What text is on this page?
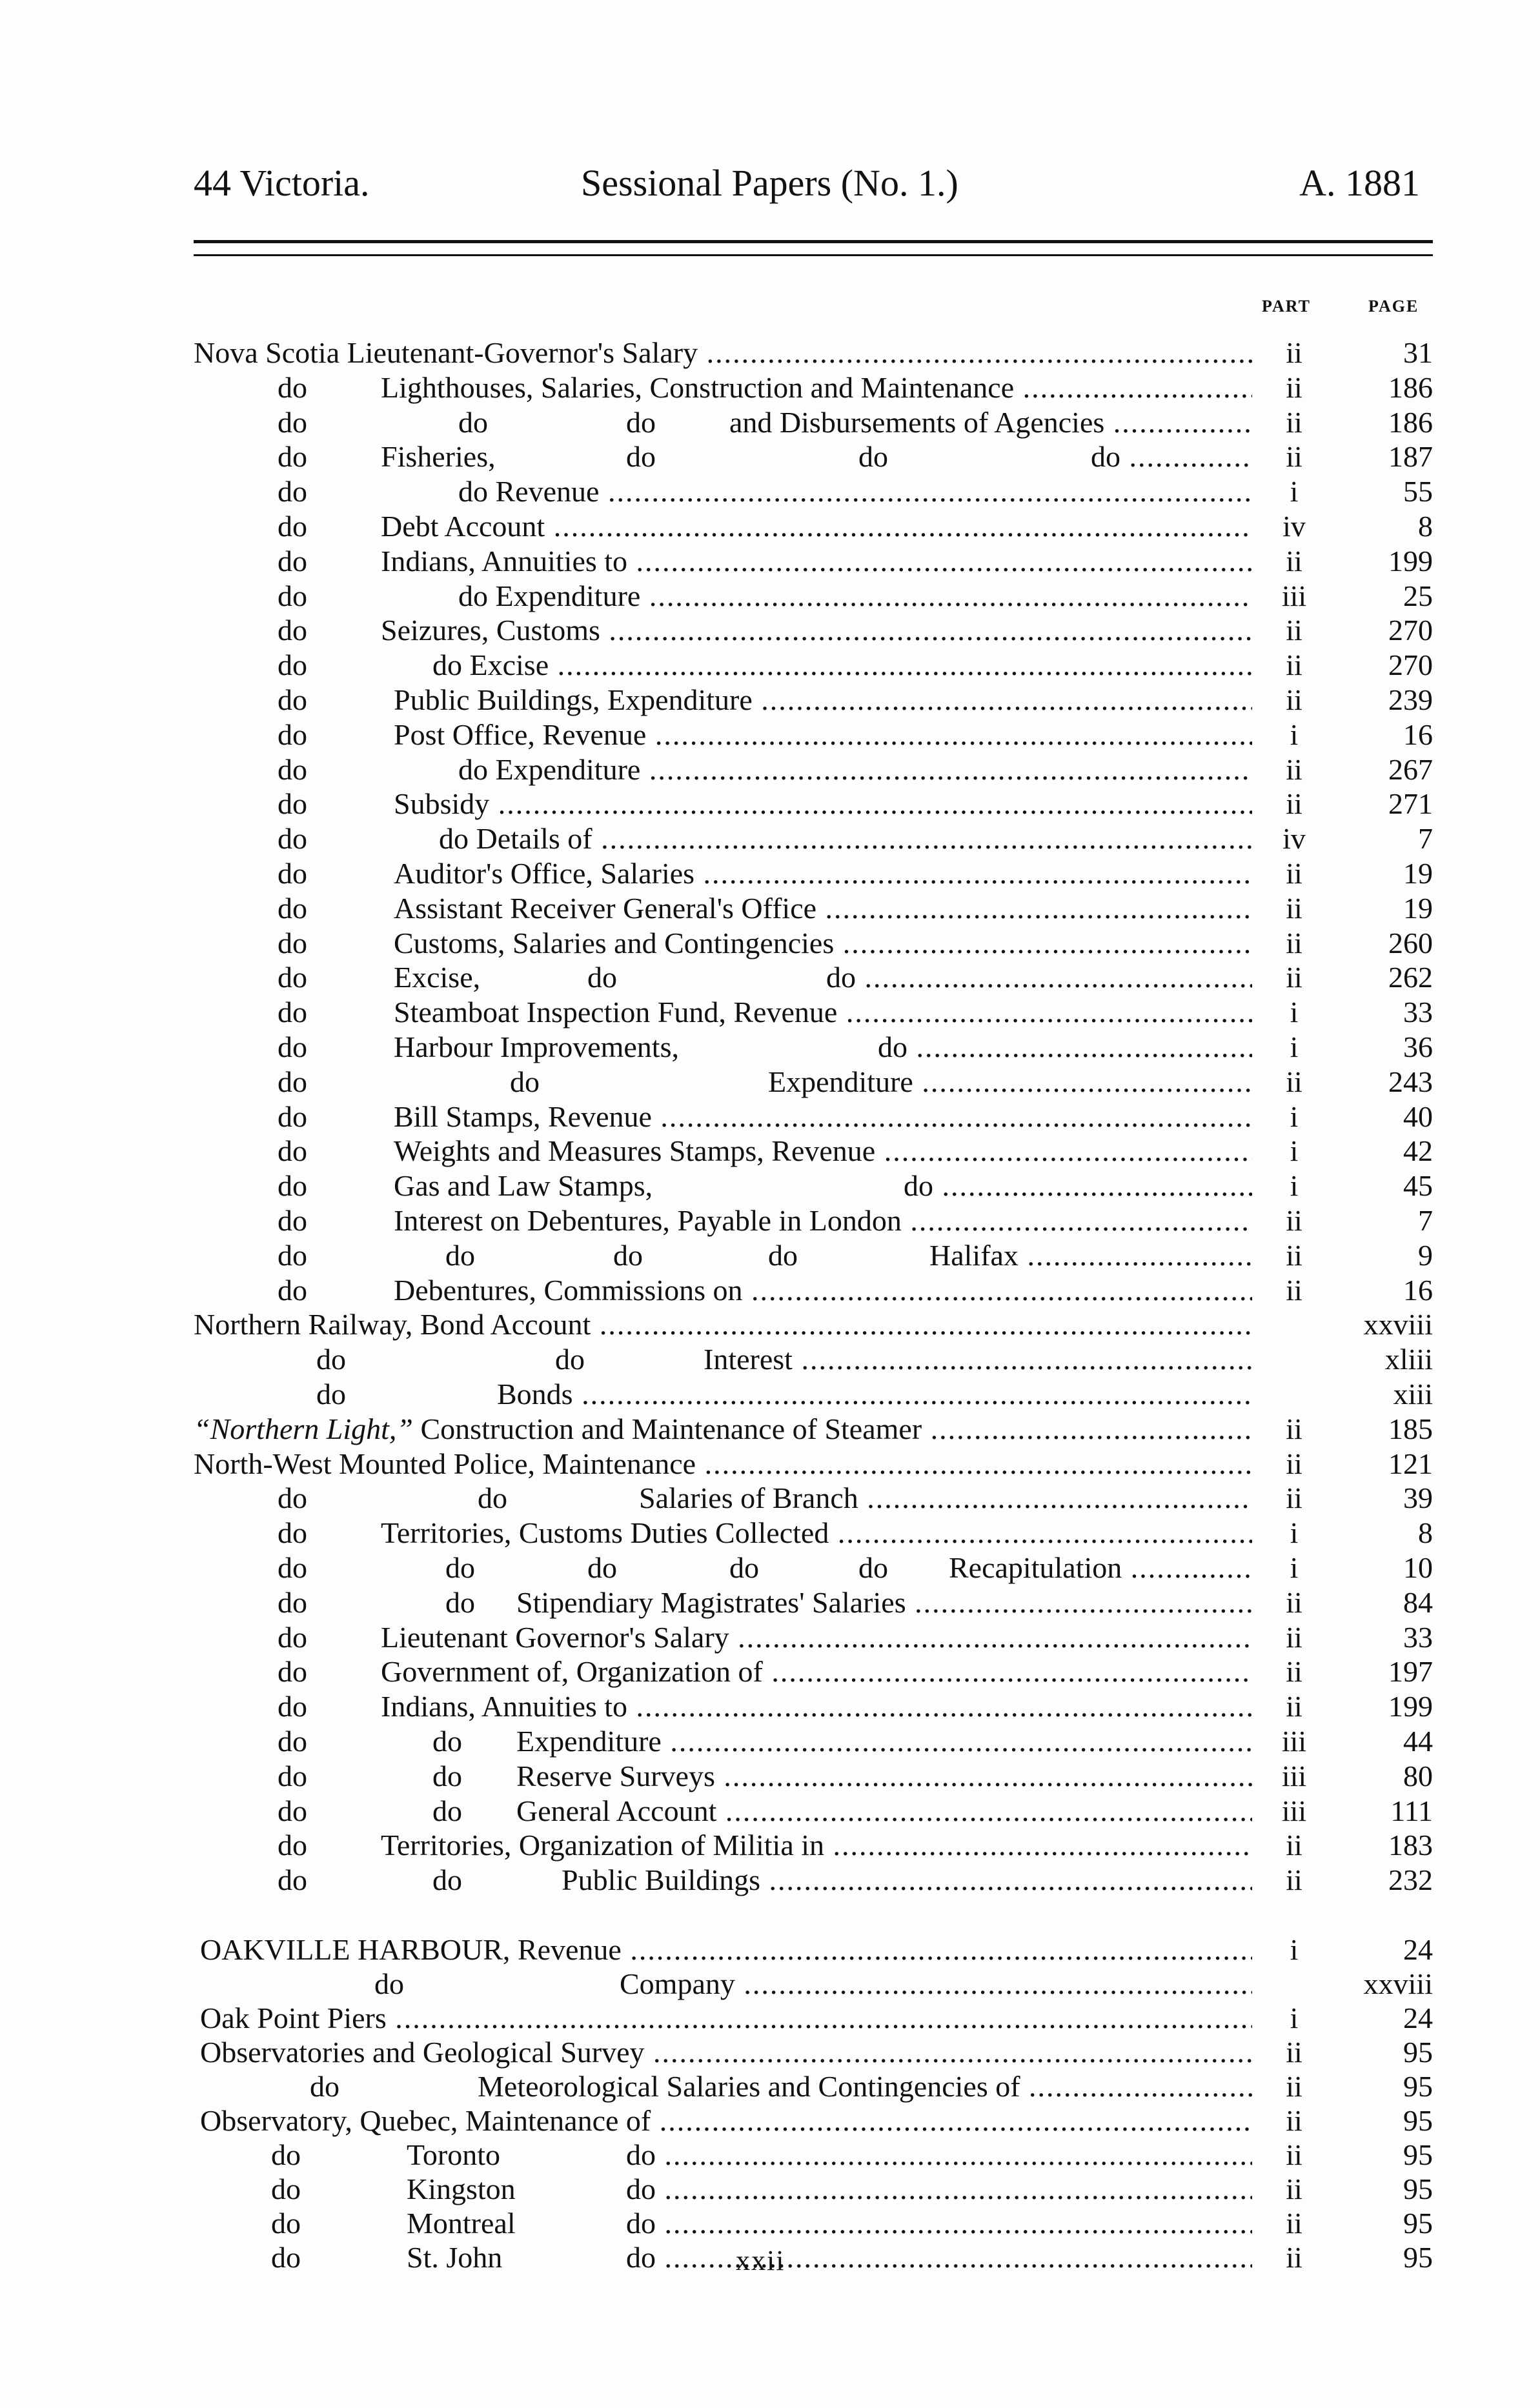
44 Victoria.	Sessional Papers (No. 1.)	A. 1881
PART	PAGE
Nova Scotia Lieutenant-Governor's Salary .....	ii	31
do Lighthouses, Salaries, Construction and Maintenance .....	ii	186
do	do	do and Disbursements of Agencies .....	ii	186
do Fisheries,	do	do	do .....	ii	187
do	do Revenue .....	i	55
do Debt Account .....	iv	8
do Indians, Annuities to .....	ii	199
do	do Expenditure .....	iii	25
do Seizures, Customs .....	ii	270
do	do Excise .....	ii	270
do	Public Buildings, Expenditure .....	ii	239
do	Post Office, Revenue .....	i	16
do	do Expenditure .....	ii	267
do	Subsidy .....	ii	271
do	do Details of .....	iv	7
do	Auditor's Office, Salaries .....	ii	19
do	Assistant Receiver General's Office .....	ii	19
do	Customs, Salaries and Contingencies .....	ii	260
do	Excise,	do	do .....	ii	262
do	Steamboat Inspection Fund, Revenue .....	i	33
do	Harbour Improvements,	do .....	i	36
do	do	Expenditure .....	ii	243
do	Bill Stamps, Revenue .....	i	40
do	Weights and Measures Stamps, Revenue .....	i	42
do	Gas and Law Stamps,	do .....	i	45
do	Interest on Debentures, Payable in London .....	ii	7
do	do	do	do	Halifax .....	ii	9
do	Debentures, Commissions on .....	ii	16
Northern Railway, Bond Account .....	xxviii
do	do	Interest .....	xliii
do	Bonds .....	xiii
“Northern Light,” Construction and Maintenance of Steamer .....	ii	185
North-West Mounted Police, Maintenance .....	ii	121
do	do	Salaries of Branch .....	ii	39
do Territories, Customs Duties Collected .....	i	8
do	do	do	do	do Recapitulation .....	i	10
do	do Stipendiary Magistrates' Salaries .....	ii	84
do Lieutenant Governor's Salary .....	ii	33
do Government of, Organization of .....	ii	197
do Indians, Annuities to .....	ii	199
do	do Expenditure .....	iii	44
do	do Reserve Surveys .....	iii	80
do	do General Account .....	iii	111
do Territories, Organization of Militia in .....	ii	183
do	do	Public Buildings .....	ii	232
OAKVILLE HARBOUR, Revenue .....	i	24
do	Company .....	xxviii
Oak Point Piers .....	i	24
Observatories and Geological Survey .....	ii	95
do	Meteorological Salaries and Contingencies of .....	ii	95
Observatory, Quebec, Maintenance of .....	ii	95
do	Toronto	do .....	ii	95
do	Kingston	do .....	ii	95
do	Montreal	do .....	ii	95
do	St. John	do .....	ii	95
xxii
